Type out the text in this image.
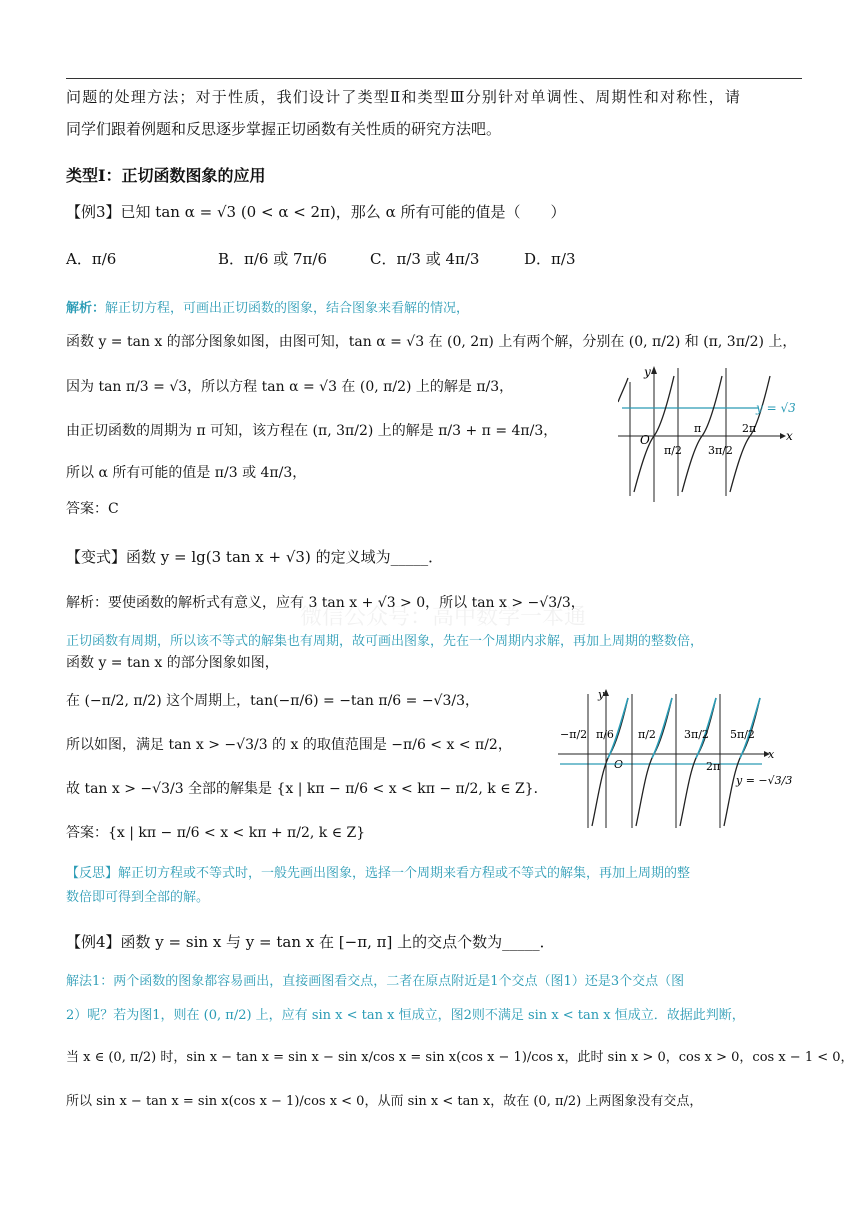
问题的处理方法；对于性质，我们设计了类型Ⅱ和类型Ⅲ分别针对单调性、周期性和对称性，请
同学们跟着例题和反思逐步掌握正切函数有关性质的研究方法吧。
类型Ⅰ：正切函数图象的应用
【例3】已知 tan α = √3 (0 < α < 2π)，那么 α 所有可能的值是（　　）
A．π/6	B．π/6 或 7π/6	C．π/3 或 4π/3	D．π/3
解析：解正切方程，可画出正切函数的图象，结合图象来看解的情况，
函数 y = tan x 的部分图象如图，由图可知，tan α = √3 在 (0, 2π) 上有两个解，分别在 (0, π/2) 和 (π, 3π/2) 上，
因为 tan π/3 = √3，所以方程 tan α = √3 在 (0, π/2) 上的解是 π/3，
由正切函数的周期为 π 可知，该方程在 (π, 3π/2) 上的解是 π/3 + π = 4π/3，
所以 α 所有可能的值是 π/3 或 4π/3，
答案：C
y
x
O
y = √3
π/2
π
3π/2
2π
【变式】函数 y = lg(3 tan x + √3) 的定义域为_____．
解析：要使函数的解析式有意义，应有 3 tan x + √3 > 0，所以 tan x > −√3/3，
正切函数有周期，所以该不等式的解集也有周期，故可画出图象，先在一个周期内求解，再加上周期的整数倍，
函数 y = tan x 的部分图象如图，
在 (−π/2, π/2) 这个周期上，tan(−π/6) = −tan π/6 = −√3/3，
所以如图，满足 tan x > −√3/3 的 x 的取值范围是 −π/6 < x < π/2，
故 tan x > −√3/3 全部的解集是 {x | kπ − π/6 < x < kπ − π/2, k ∈ Z}．
答案：{x | kπ − π/6 < x < kπ + π/2, k ∈ Z}
y
x
O
−π/2 π/6 π/2	3π/2 5π/2
2π
y = −√3/3
【反思】解正切方程或不等式时，一般先画出图象，选择一个周期来看方程或不等式的解集，再加上周期的整
数倍即可得到全部的解。
【例4】函数 y = sin x 与 y = tan x 在 [−π, π] 上的交点个数为_____．
解法1：两个函数的图象都容易画出，直接画图看交点，二者在原点附近是1个交点（图1）还是3个交点（图
2）呢？若为图1，则在 (0, π/2) 上，应有 sin x < tan x 恒成立，图2则不满足 sin x < tan x 恒成立．故据此判断，
当 x ∈ (0, π/2) 时，sin x − tan x = sin x − sin x/cos x = sin x(cos x − 1)/cos x，此时 sin x > 0，cos x > 0，cos x − 1 < 0，
所以 sin x − tan x = sin x(cos x − 1)/cos x < 0，从而 sin x < tan x，故在 (0, π/2) 上两图象没有交点，
微信公众号：高中数学一本通
